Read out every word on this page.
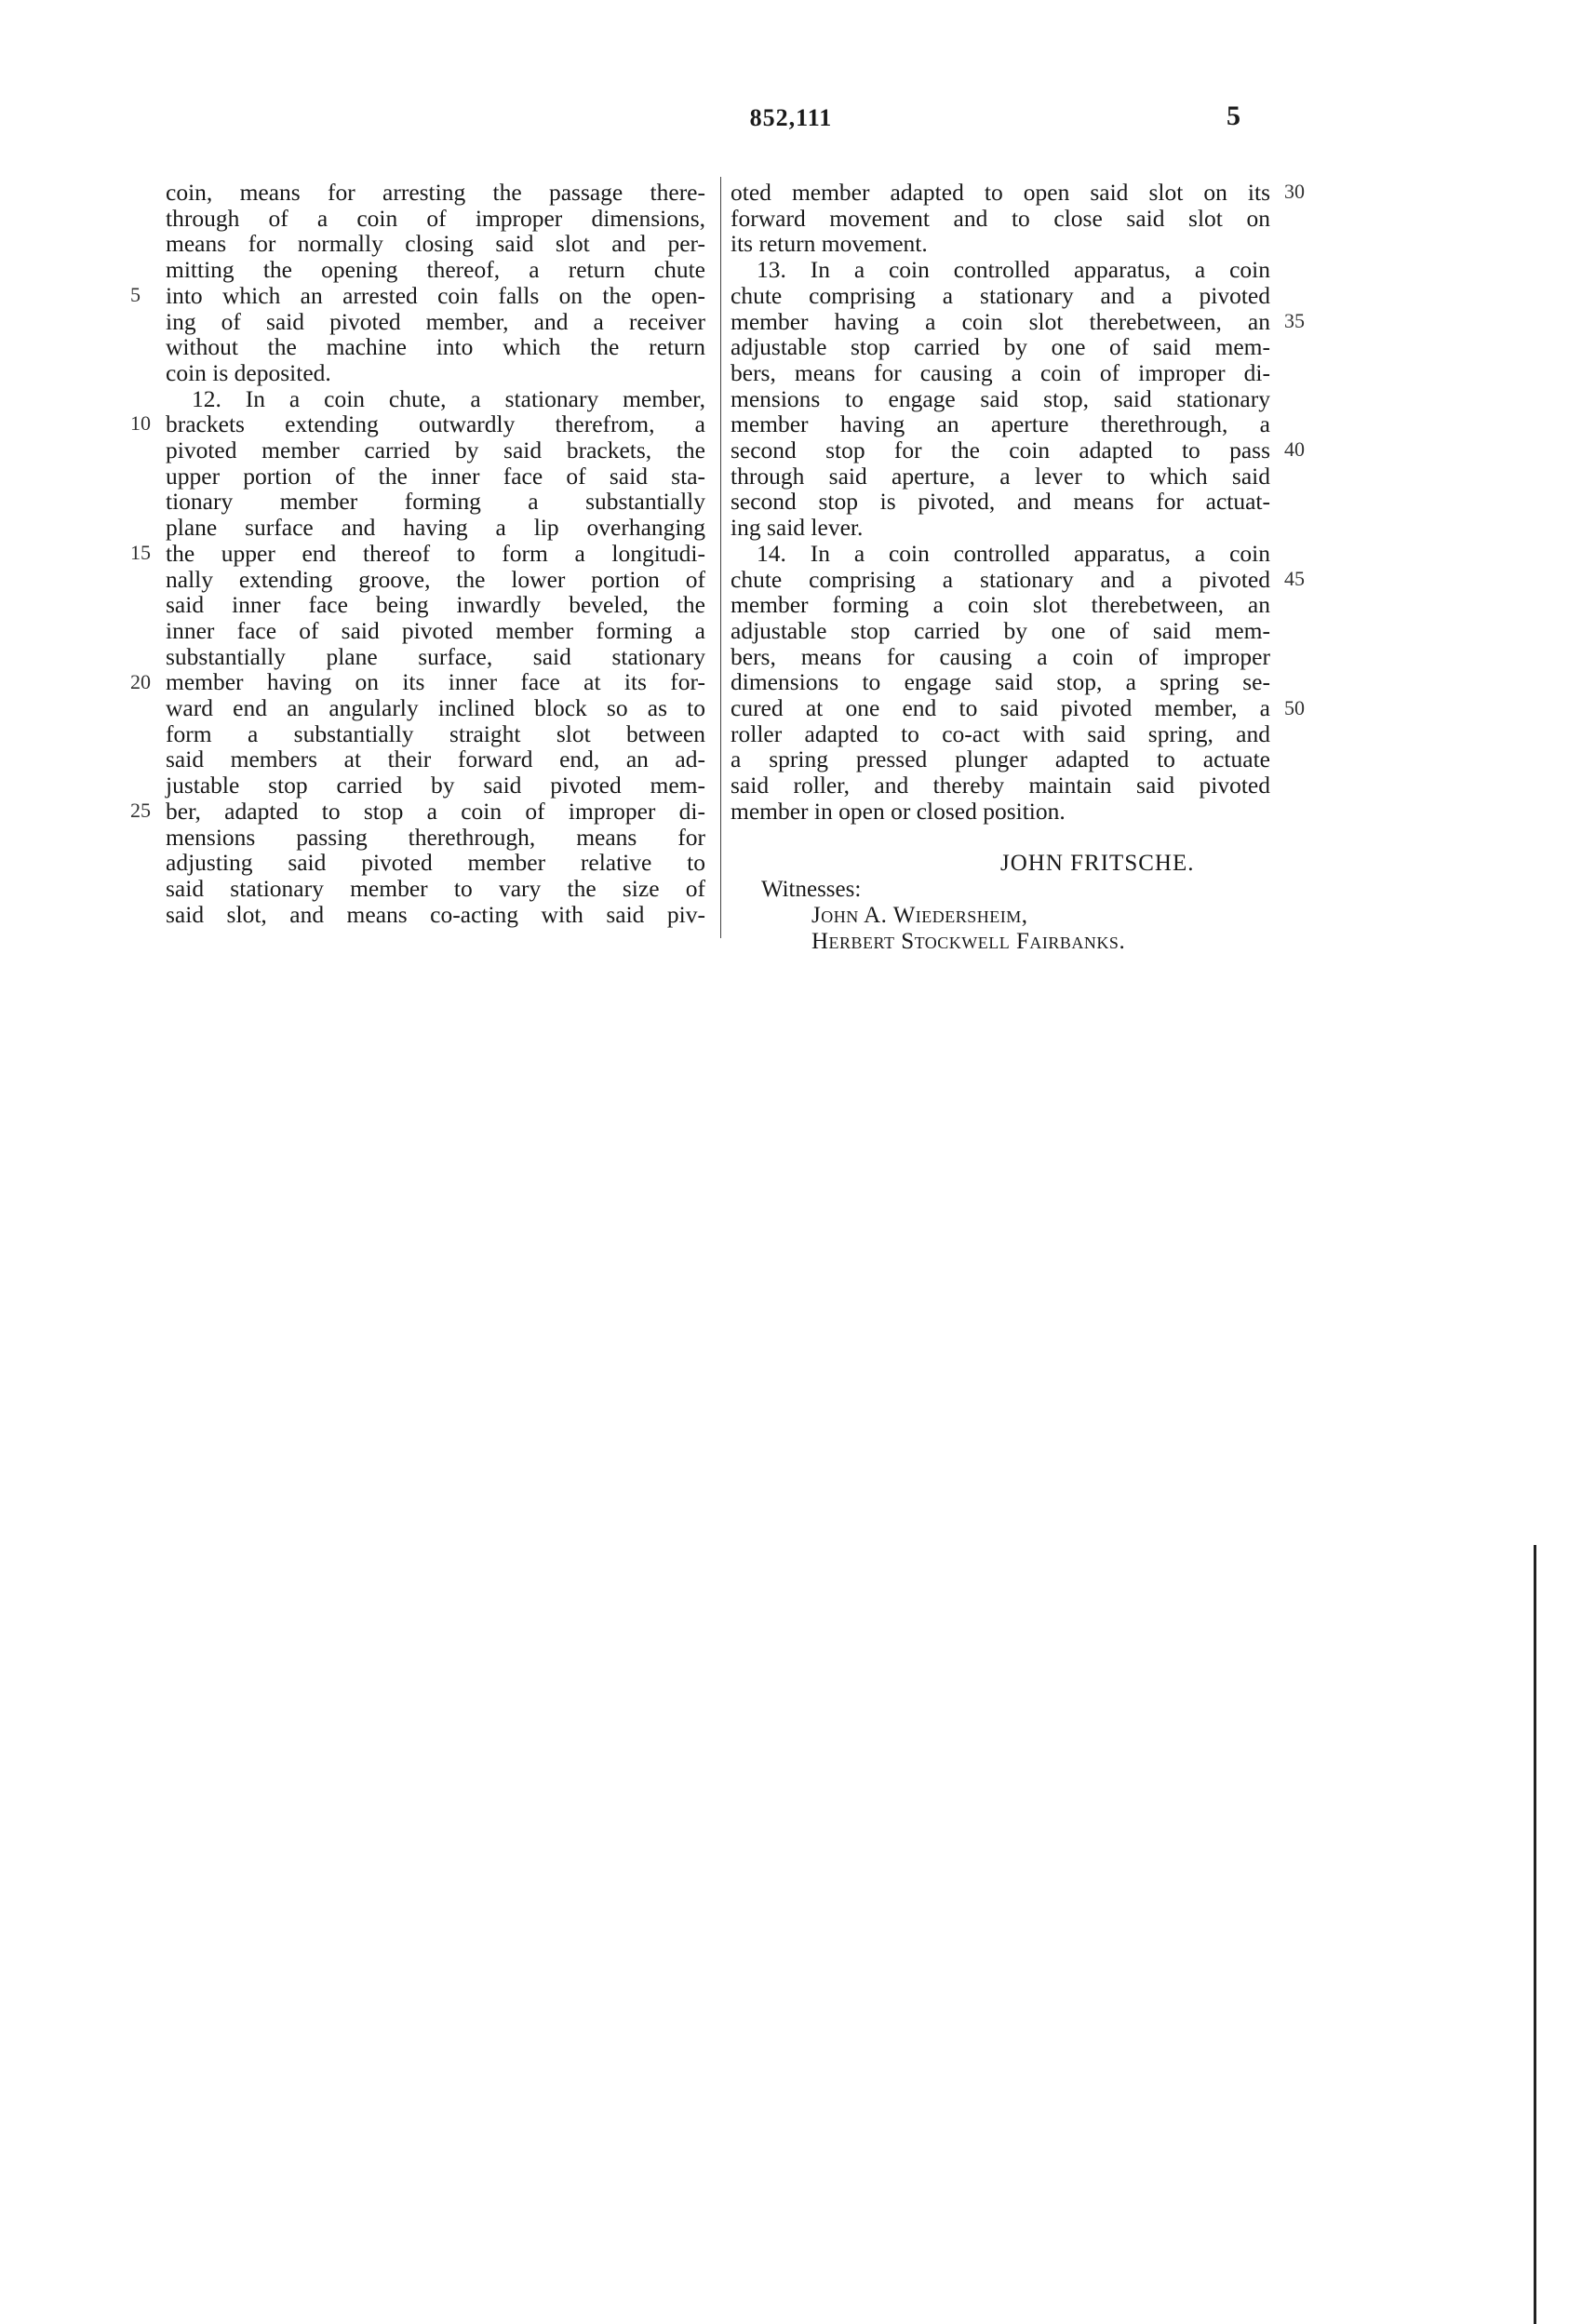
852,111	5
coin, means for arresting the passage there-
through of a coin of improper dimensions,
means for normally closing said slot and per-
mitting the opening thereof, a return chute
into which an arrested coin falls on the open-
ing of said pivoted member, and a receiver
without the machine into which the return
coin is deposited.
12. In a coin chute, a stationary member,
brackets extending outwardly therefrom, a
pivoted member carried by said brackets, the
upper portion of the inner face of said sta-
tionary member forming a substantially
plane surface and having a lip overhanging
the upper end thereof to form a longitudi-
nally extending groove, the lower portion of
said inner face being inwardly beveled, the
inner face of said pivoted member forming a
substantially plane surface, said stationary
member having on its inner face at its for-
ward end an angularly inclined block so as to
form a substantially straight slot between
said members at their forward end, an ad-
justable stop carried by said pivoted mem-
ber, adapted to stop a coin of improper di-
mensions passing therethrough, means for
adjusting said pivoted member relative to
said stationary member to vary the size of
said slot, and means co-acting with said piv-
oted member adapted to open said slot on its
forward movement and to close said slot on
its return movement.
13. In a coin controlled apparatus, a coin
chute comprising a stationary and a pivoted
member having a coin slot therebetween, an
adjustable stop carried by one of said mem-
bers, means for causing a coin of improper di-
mensions to engage said stop, said stationary
member having an aperture therethrough, a
second stop for the coin adapted to pass
through said aperture, a lever to which said
second stop is pivoted, and means for actuat-
ing said lever.
14. In a coin controlled apparatus, a coin
chute comprising a stationary and a pivoted
member forming a coin slot therebetween, an
adjustable stop carried by one of said mem-
bers, means for causing a coin of improper
dimensions to engage said stop, a spring se-
cured at one end to said pivoted member, a
roller adapted to co-act with said spring, and
a spring pressed plunger adapted to actuate
said roller, and thereby maintain said pivoted
member in open or closed position.
5
10
15
20
25
30
35
40
45
50
JOHN FRITSCHE.
Witnesses:
John A. Wiedersheim,
Herbert Stockwell Fairbanks.
